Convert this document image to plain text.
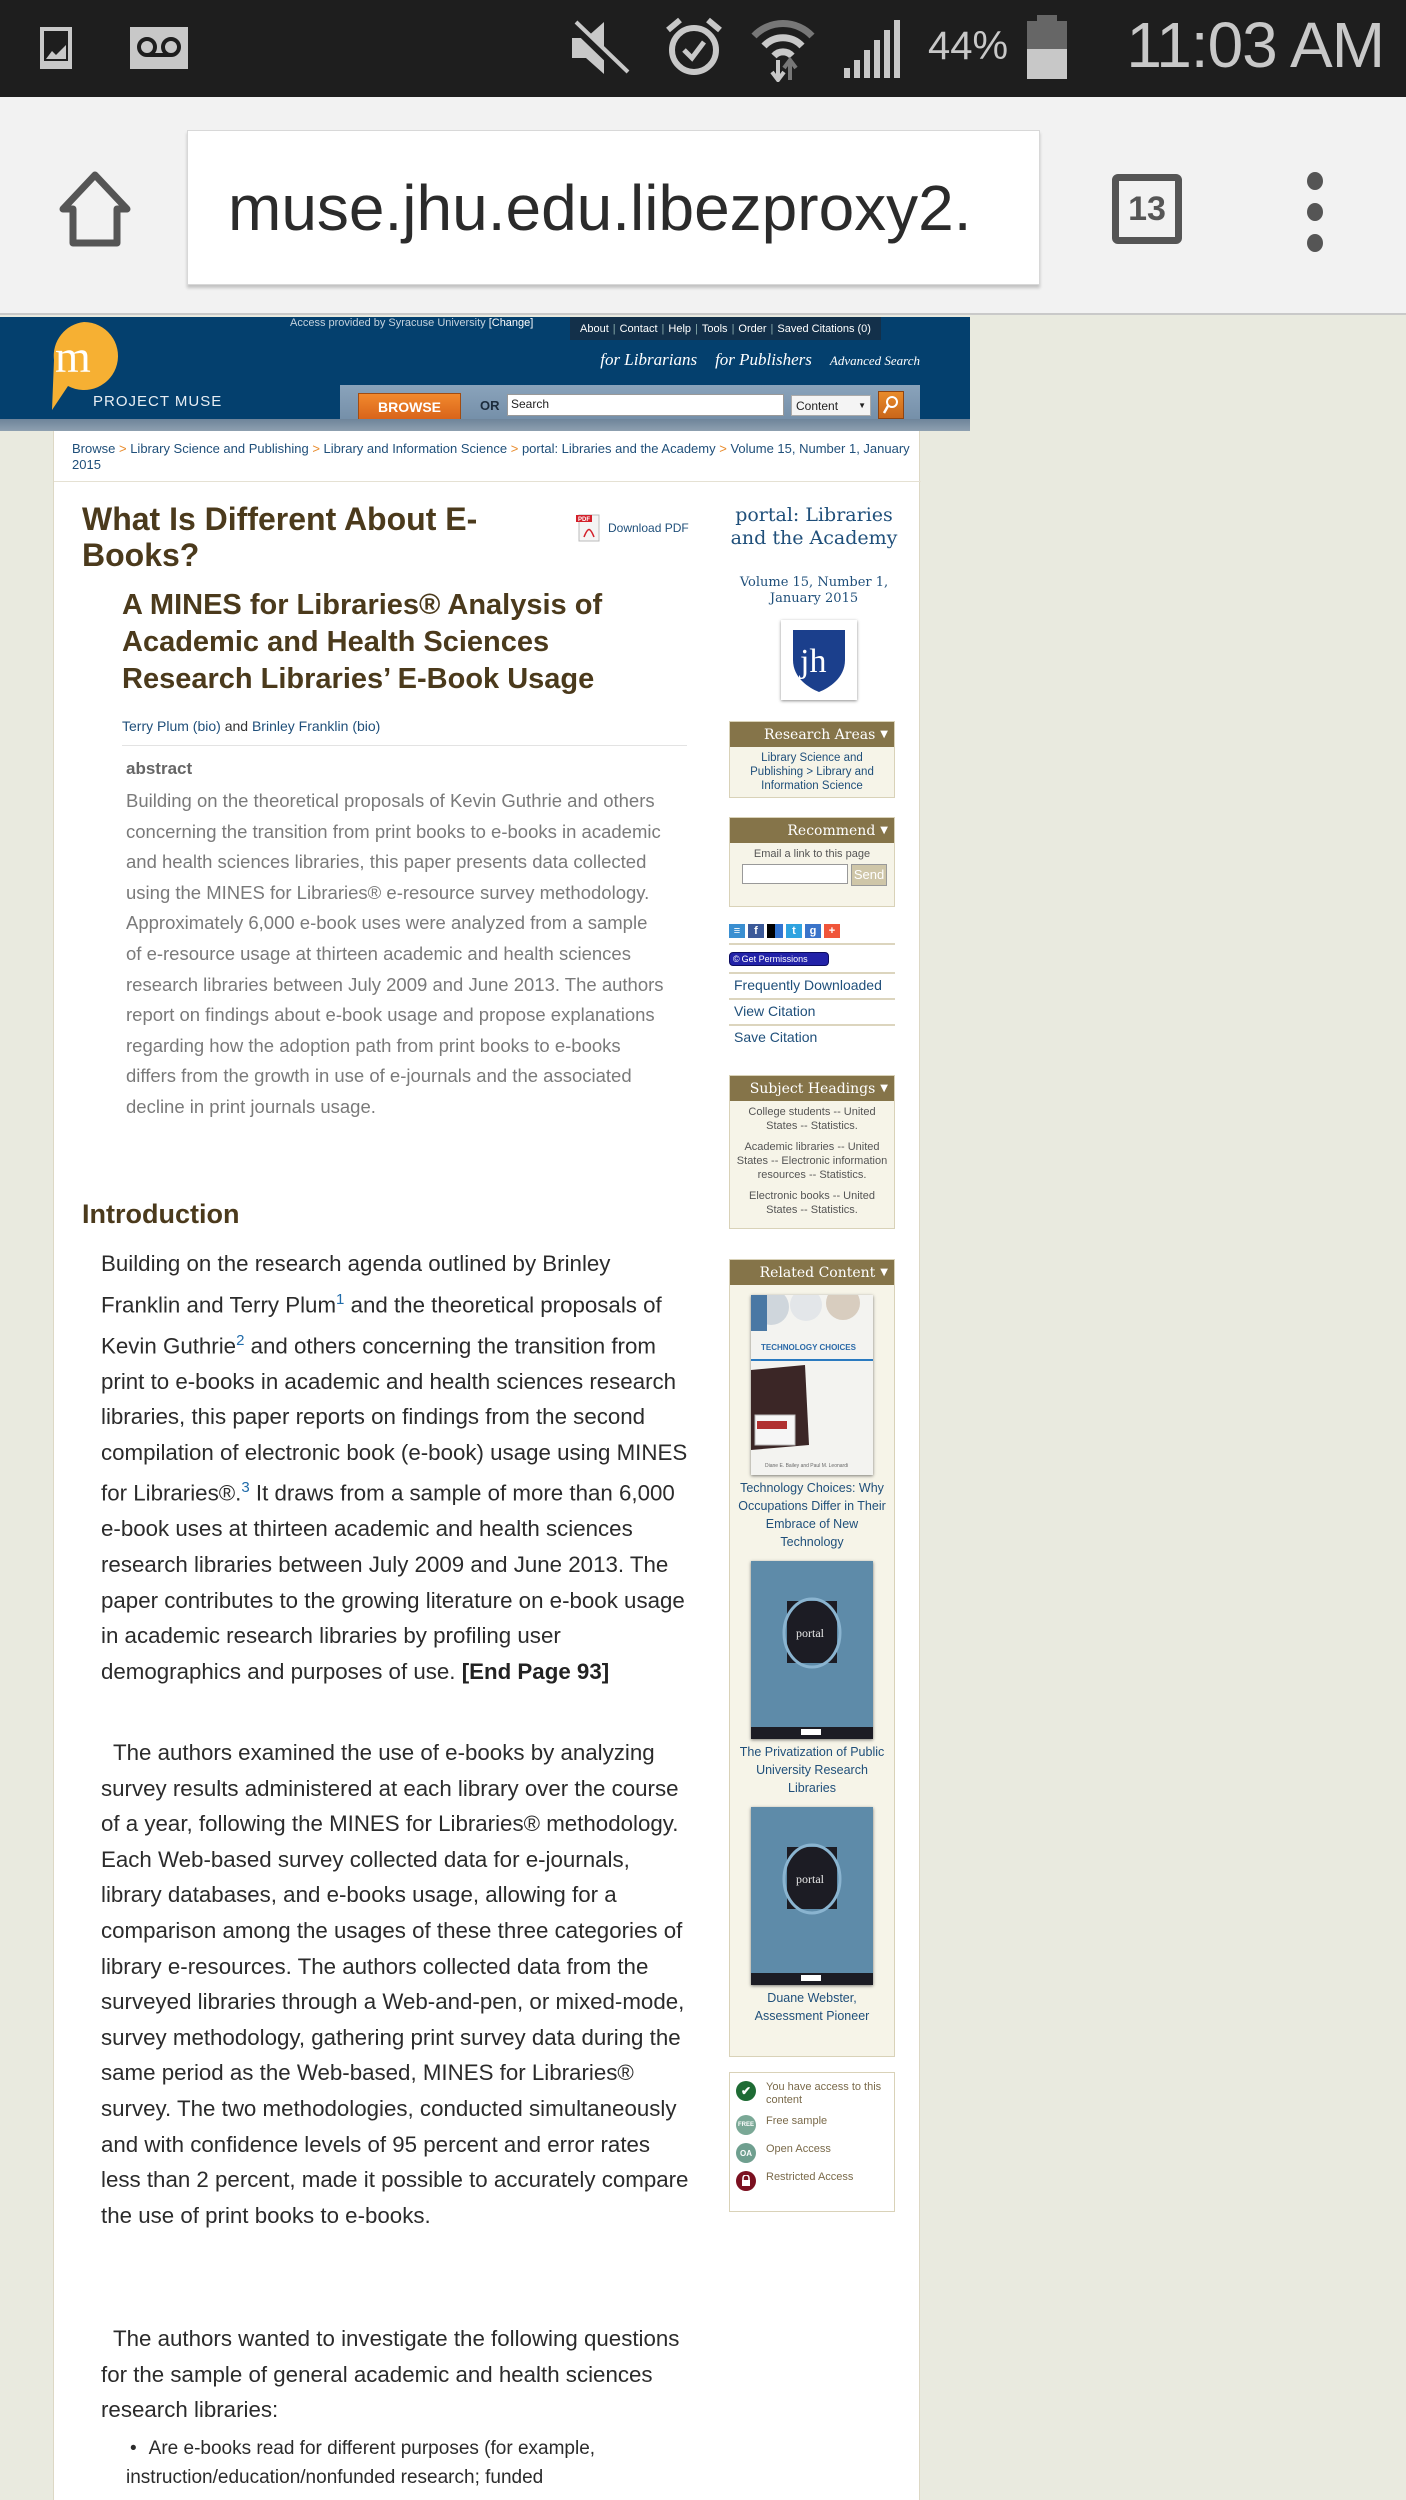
44% 11:03 AM
muse.jhu.edu.libezproxy2.	13
m
PROJECT MUSE
Access provided by Syracuse University [Change]	About | Contact | Help | Tools | Order | Saved Citations (0)
for Librarians for Publishers Advanced Search
BROWSE	OR Search	Content	▼
Browse > Library Science and Publishing > Library and Information Science > portal: Libraries and the Academy > Volume 15, Number 1, January 2015
What Is Different About E-Books?
PDF
Download PDF
A MINES for Libraries® Analysis of Academic and Health Sciences Research Libraries’ E-Book Usage
Terry Plum (bio) and Brinley Franklin (bio)
abstract

Building on the theoretical proposals of Kevin Guthrie and others concerning the transition from print books to e-books in academic and health sciences libraries, this paper presents data collected using the MINES for Libraries® e-resource survey methodology. Approximately 6,000 e-book uses were analyzed from a sample of e-resource usage at thirteen academic and health sciences research libraries between July 2009 and June 2013. The authors report on findings about e-book usage and propose explanations regarding how the adoption path from print books to e-books differs from the growth in use of e-journals and the associated decline in print journals usage.

Introduction

Building on the research agenda outlined by Brinley Franklin and Terry Plum$^1$ and the theoretical proposals of Kevin Guthrie$^2$ and others concerning the transition from print to e-books in academic and health sciences research libraries, this paper reports on findings from the second compilation of electronic book (e-book) usage using MINES for Libraries®.$^3$ It draws from a sample of more than 6,000 e-book uses at thirteen academic and health sciences research libraries between July 2009 and June 2013. The paper contributes to the growing literature on e-book usage in academic research libraries by profiling user demographics and purposes of use. [End Page 93]

The authors examined the use of e-books by analyzing survey results administered at each library over the course of a year, following the MINES for Libraries® methodology. Each Web-based survey collected data for e-journals, library databases, and e-books usage, allowing for a comparison among the usages of these three categories of library e-resources. The authors collected data from the surveyed libraries through a Web-and-pen, or mixed-mode, survey methodology, gathering print survey data during the same period as the Web-based, MINES for Libraries® survey. The two methodologies, conducted simultaneously and with confidence levels of 95 percent and error rates less than 2 percent, made it possible to accurately compare the use of print books to e-books.

The authors wanted to investigate the following questions for the sample of general academic and health sciences research libraries:

• Are e-books read for different purposes (for example, instruction/education/nonfunded research; funded
portal: Libraries and the Academy
Volume 15, Number 1, January 2015
jh
Research Areas ▼
Library Science and Publishing > Library and Information Science
Recommend ▼
Email a link to this page
Send
≡	f	t	g	+
© Get Permissions
Frequently Downloaded
View Citation
Save Citation
Subject Headings ▼
College students -- United States -- Statistics.
Academic libraries -- United States -- Electronic information resources -- Statistics.
Electronic books -- United States -- Statistics.
Related Content ▼
TECHNOLOGY CHOICES
Diane E. Bailey and Paul M. Leonardi
Technology Choices: Why Occupations Differ in Their Embrace of New Technology
portal
The Privatization of Public University Research Libraries
portal
Duane Webster, Assessment Pioneer
✔	You have access to this content
FREE Free sample
OA	Open Access
Restricted Access
